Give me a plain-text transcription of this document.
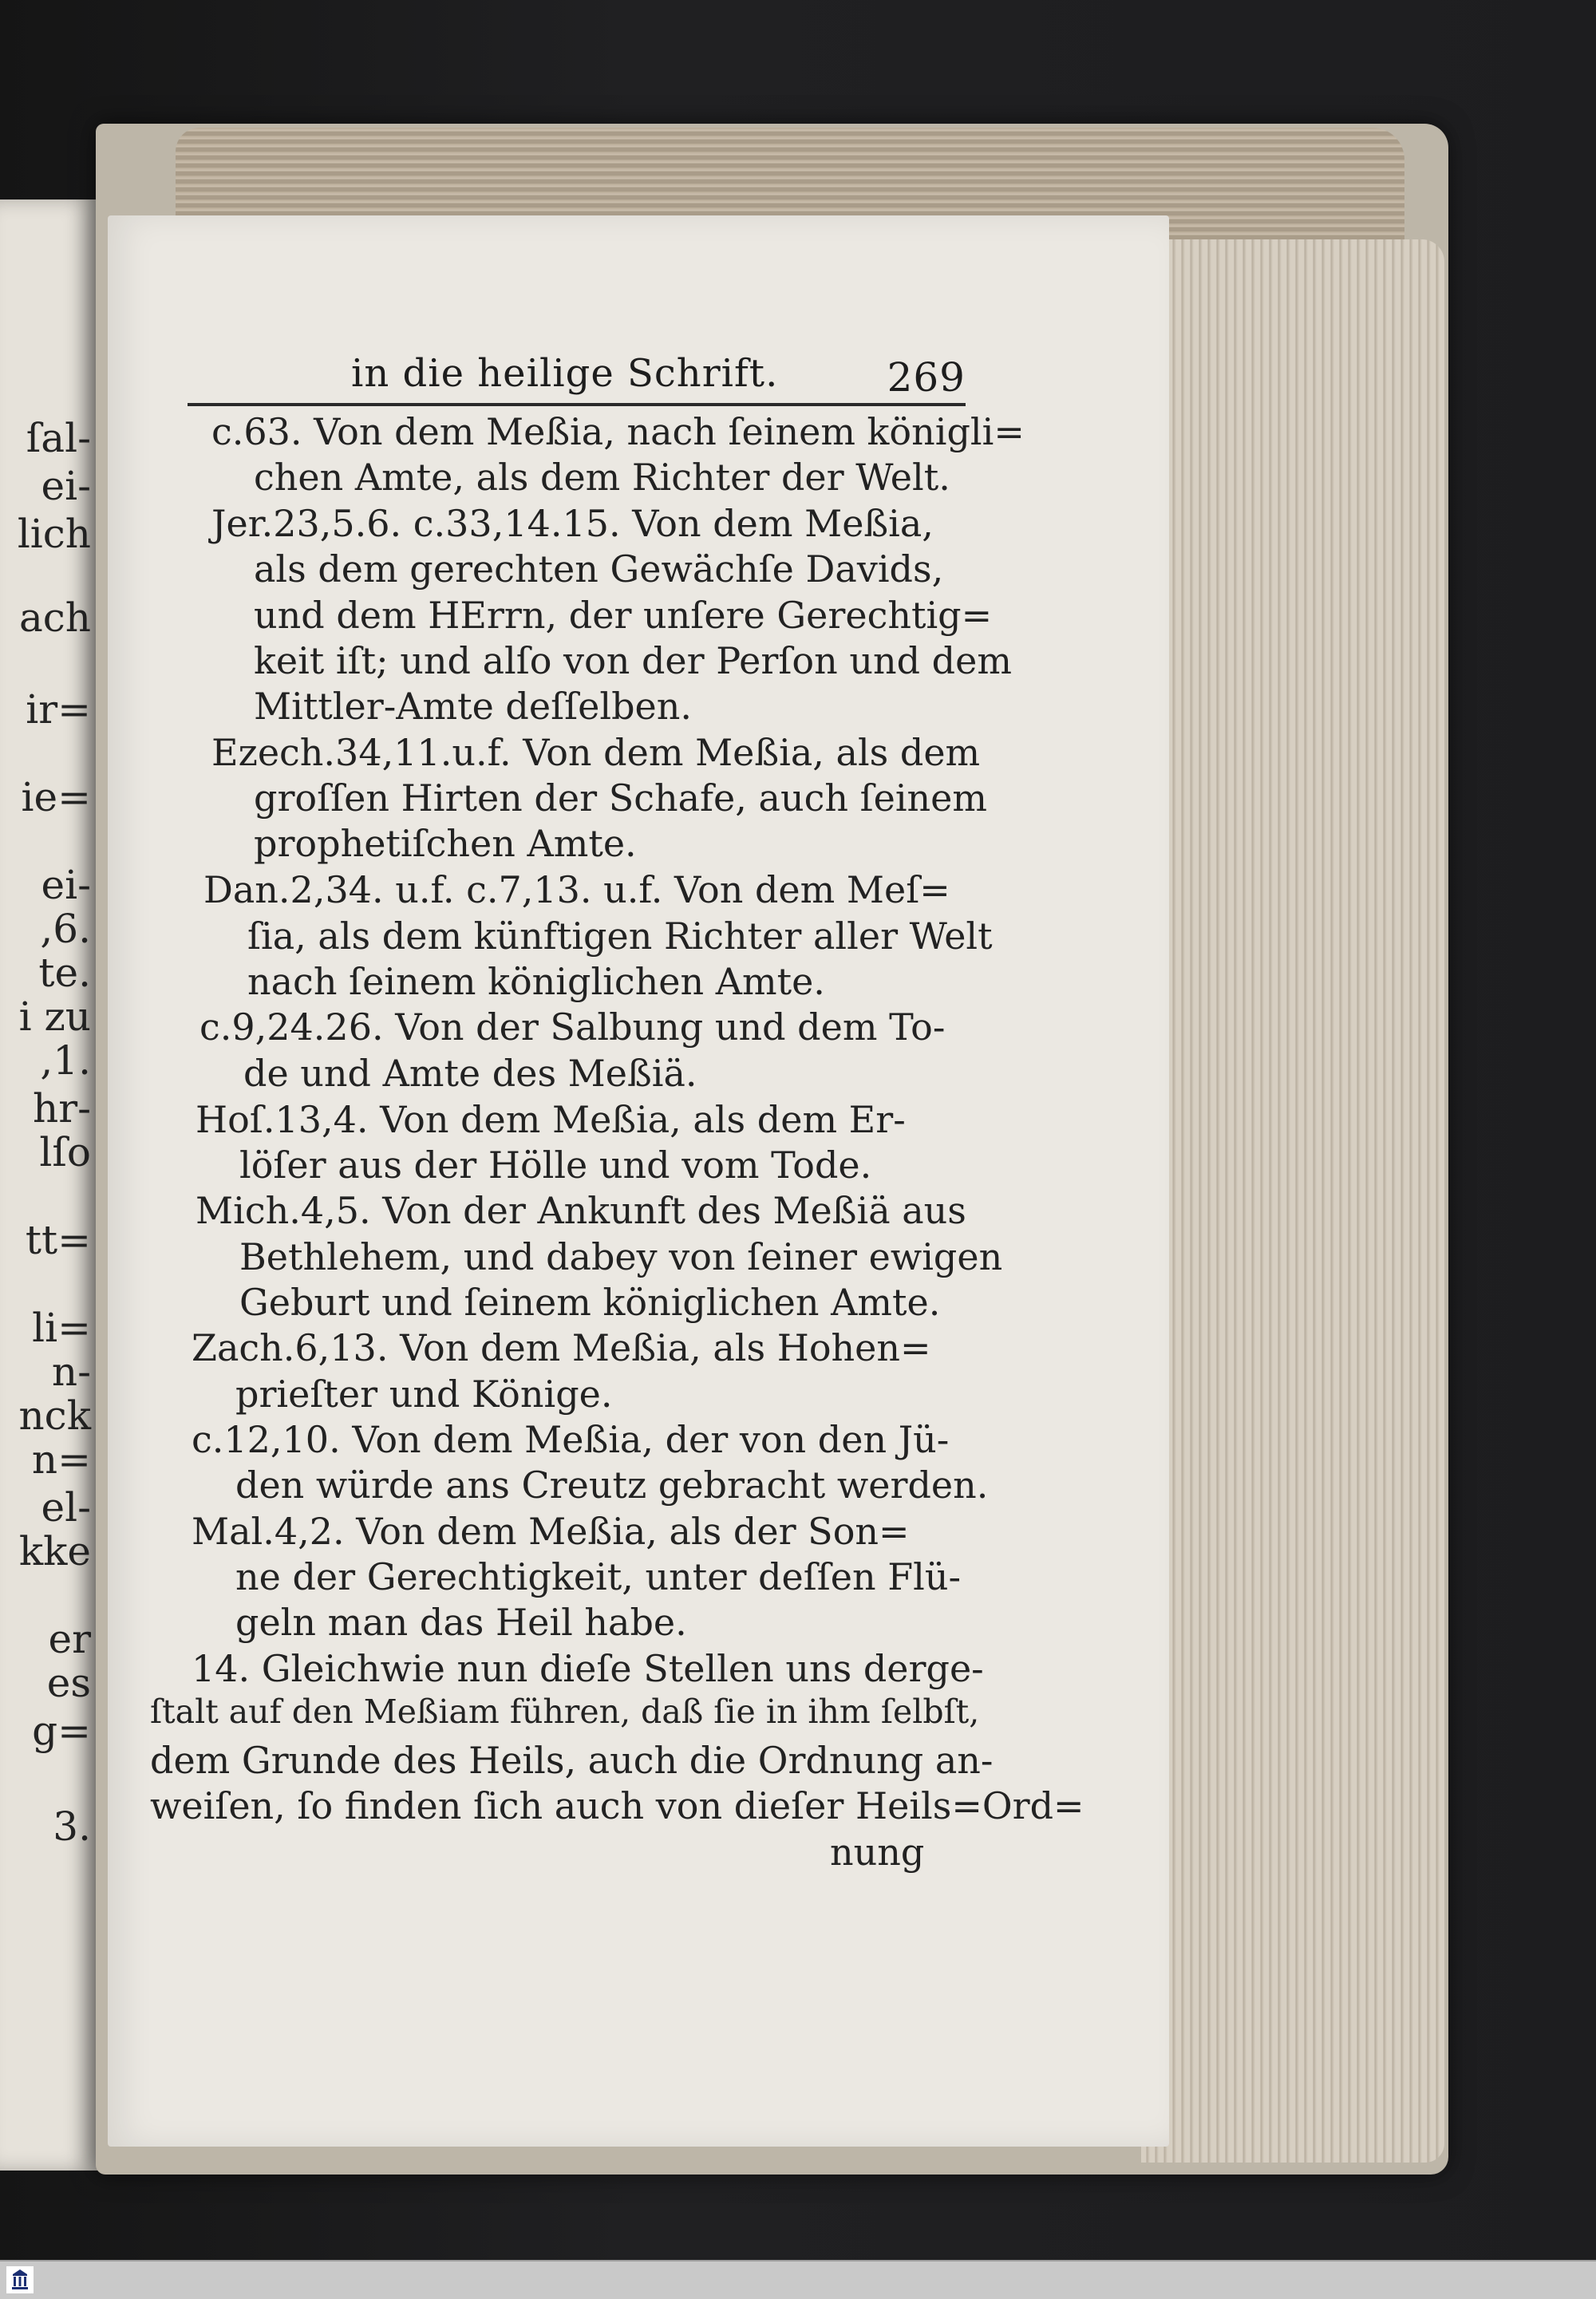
ſal-
ei-
lich
ach
ir=
ie=
ei-
,6.
te.
i zu
,1.
hr-
lſo
tt=
li=
n-
nck
n=
el-
kke
er
es
g=
3.
in die heilige Schrift.	269
c.63. Von dem Meßia, nach ſeinem königli=
chen Amte, als dem Richter der Welt.
Jer.23,5.6. c.33,14.15. Von dem Meßia,
als dem gerechten Gewächſe Davids,
und dem HErrn, der unſere Gerechtig=
keit iſt; und alſo von der Perſon und dem
Mittler-Amte deſſelben.
Ezech.34,11.u.f. Von dem Meßia, als dem
groſſen Hirten der Schafe, auch ſeinem
prophetiſchen Amte.
Dan.2,34. u.f. c.7,13. u.f. Von dem Meſ=
ſia, als dem künftigen Richter aller Welt
nach ſeinem königlichen Amte.
c.9,24.26. Von der Salbung und dem To-
de und Amte des Meßiä.
Hoſ.13,4. Von dem Meßia, als dem Er-
löſer aus der Hölle und vom Tode.
Mich.4,5. Von der Ankunft des Meßiä aus
Bethlehem, und dabey von ſeiner ewigen
Geburt und ſeinem königlichen Amte.
Zach.6,13. Von dem Meßia, als Hohen=
prieſter und Könige.
c.12,10. Von dem Meßia, der von den Jü-
den würde ans Creutz gebracht werden.
Mal.4,2. Von dem Meßia, als der Son=
ne der Gerechtigkeit, unter deſſen Flü-
geln man das Heil habe.
14. Gleichwie nun dieſe Stellen uns derge-
ſtalt auf den Meßiam führen, daß ſie in ihm ſelbſt,
dem Grunde des Heils, auch die Ordnung an-
weiſen, ſo finden ſich auch von dieſer Heils=Ord=
nung
